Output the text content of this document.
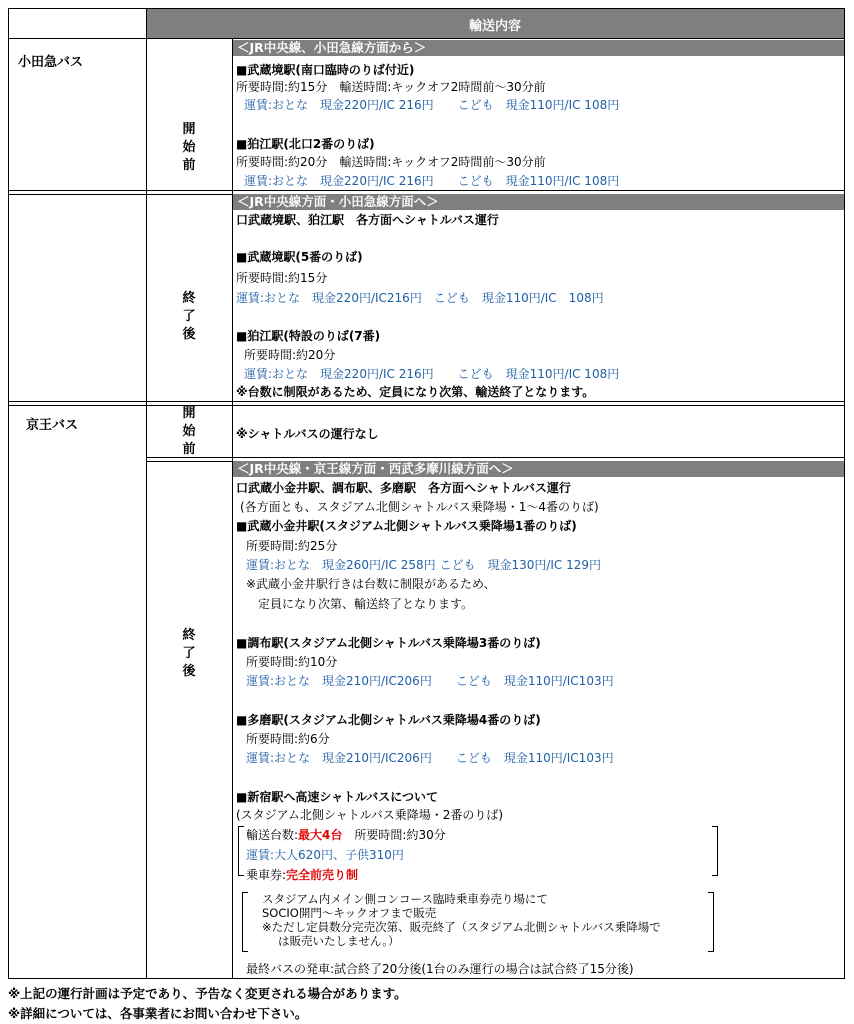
輸送内容
小田急バス
京王バス
開
始
前
終
了
後
開
始
前
終
了
後
＜JR中央線、小田急線方面から＞
■武蔵境駅(南口臨時のりば付近)
所要時間:約15分　輸送時間:キックオフ2時間前～30分前
運賃:おとな　現金220円/IC 216円　　こども　現金110円/IC 108円
■狛江駅(北口2番のりば)
所要時間:約20分　輸送時間:キックオフ2時間前～30分前
運賃:おとな　現金220円/IC 216円　　こども　現金110円/IC 108円
＜JR中央線方面・小田急線方面へ＞
口武蔵境駅、狛江駅　各方面へシャトルバス運行
■武蔵境駅(5番のりば)
所要時間:約15分
運賃:おとな　現金220円/IC216円　こども　現金110円/IC　108円
■狛江駅(特設のりば(7番)
所要時間:約20分
運賃:おとな　現金220円/IC 216円　　こども　現金110円/IC 108円
※台数に制限があるため、定員になり次第、輸送終了となります。
※シャトルバスの運行なし
＜JR中央線・京王線方面・西武多摩川線方面へ＞
口武蔵小金井駅、調布駅、多磨駅　各方面へシャトルバス運行
(各方面とも、スタジアム北側シャトルバス乗降場・1～4番のりば)
■武蔵小金井駅(スタジアム北側シャトルバス乗降場1番のりば)
所要時間:約25分
運賃:おとな　現金260円/IC 258円 こども　現金130円/IC 129円
※武蔵小金井駅行きは台数に制限があるため、
定員になり次第、輸送終了となります。
■調布駅(スタジアム北側シャトルバス乗降場3番のりば)
所要時間:約10分
運賃:おとな　現金210円/IC206円　　こども　現金110円/IC103円
■多磨駅(スタジアム北側シャトルバス乗降場4番のりば)
所要時間:約6分
運賃:おとな　現金210円/IC206円　　こども　現金110円/IC103円
■新宿駅へ高速シャトルバスについて
(スタジアム北側シャトルバス乗降場・2番のりば)
輸送台数:最大4台　 所要時間:約30分
運賃:大人620円、子供310円
乗車券:完全前売り制
スタジアム内メイン側コンコース臨時乗車券売り場にて
SOCIO開門～キックオフまで販売
※ただし定員数分完売次第、販売終了（スタジアム北側シャトルバス乗降場で
は販売いたしません。）
最終バスの発車:試合終了20分後(1台のみ運行の場合は試合終了15分後)
※上記の運行計画は予定であり、予告なく変更される場合があります。
※詳細については、各事業者にお問い合わせ下さい。
